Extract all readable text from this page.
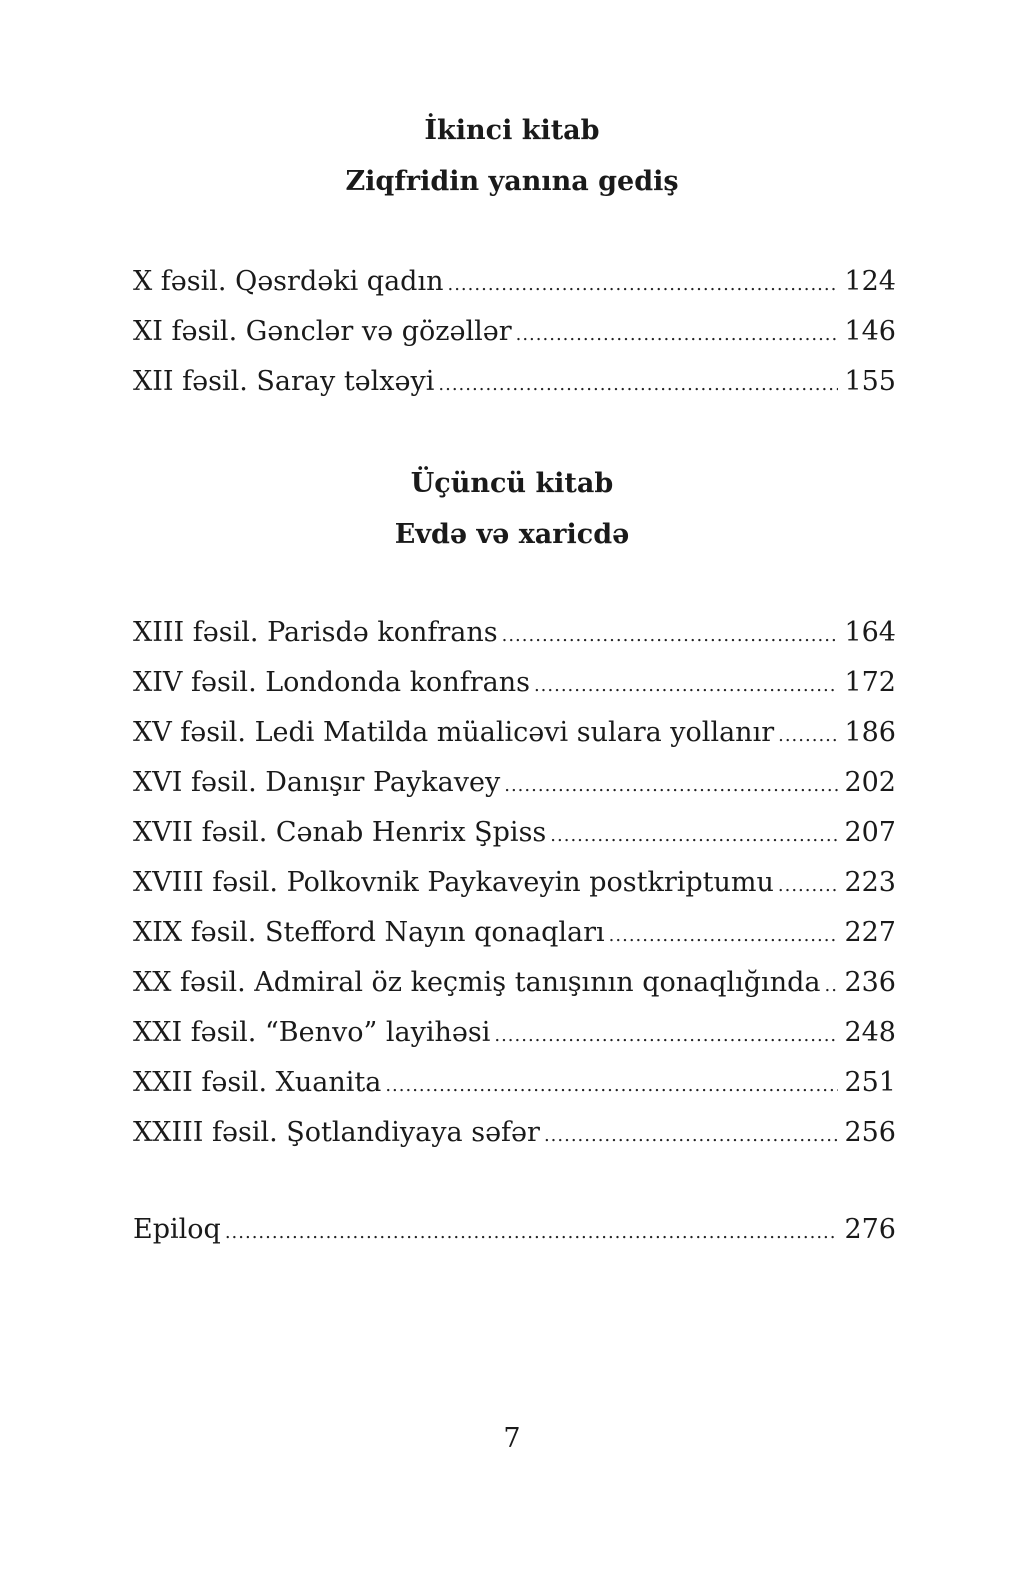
İkinci kitab
Ziqfridin yanına gediş
X fəsil. Qəsrdəki qadın .....	124
XI fəsil. Gənclər və gözəllər .....	146
XII fəsil. Saray təlxəyi .....	155
Üçüncü kitab
Evdə və xaricdə
XIII fəsil. Parisdə konfrans .....	164
XIV fəsil. Londonda konfrans .....	172
XV fəsil. Ledi Matilda müalicəvi sulara yollanır .....	186
XVI fəsil. Danışır Paykavey .....	202
XVII fəsil. Cənab Henrix Şpiss .....	207
XVIII fəsil. Polkovnik Paykaveyin postkriptumu .....	223
XIX fəsil. Stefford Nayın qonaqları .....	227
XX fəsil. Admiral öz keçmiş tanışının qonaqlığında ..... 236
XXI fəsil. “Benvo” layihəsi .....	248
XXII fəsil. Xuanita .....	251
XXIII fəsil. Şotlandiyaya səfər .....	256
Epiloq .....	276
7
